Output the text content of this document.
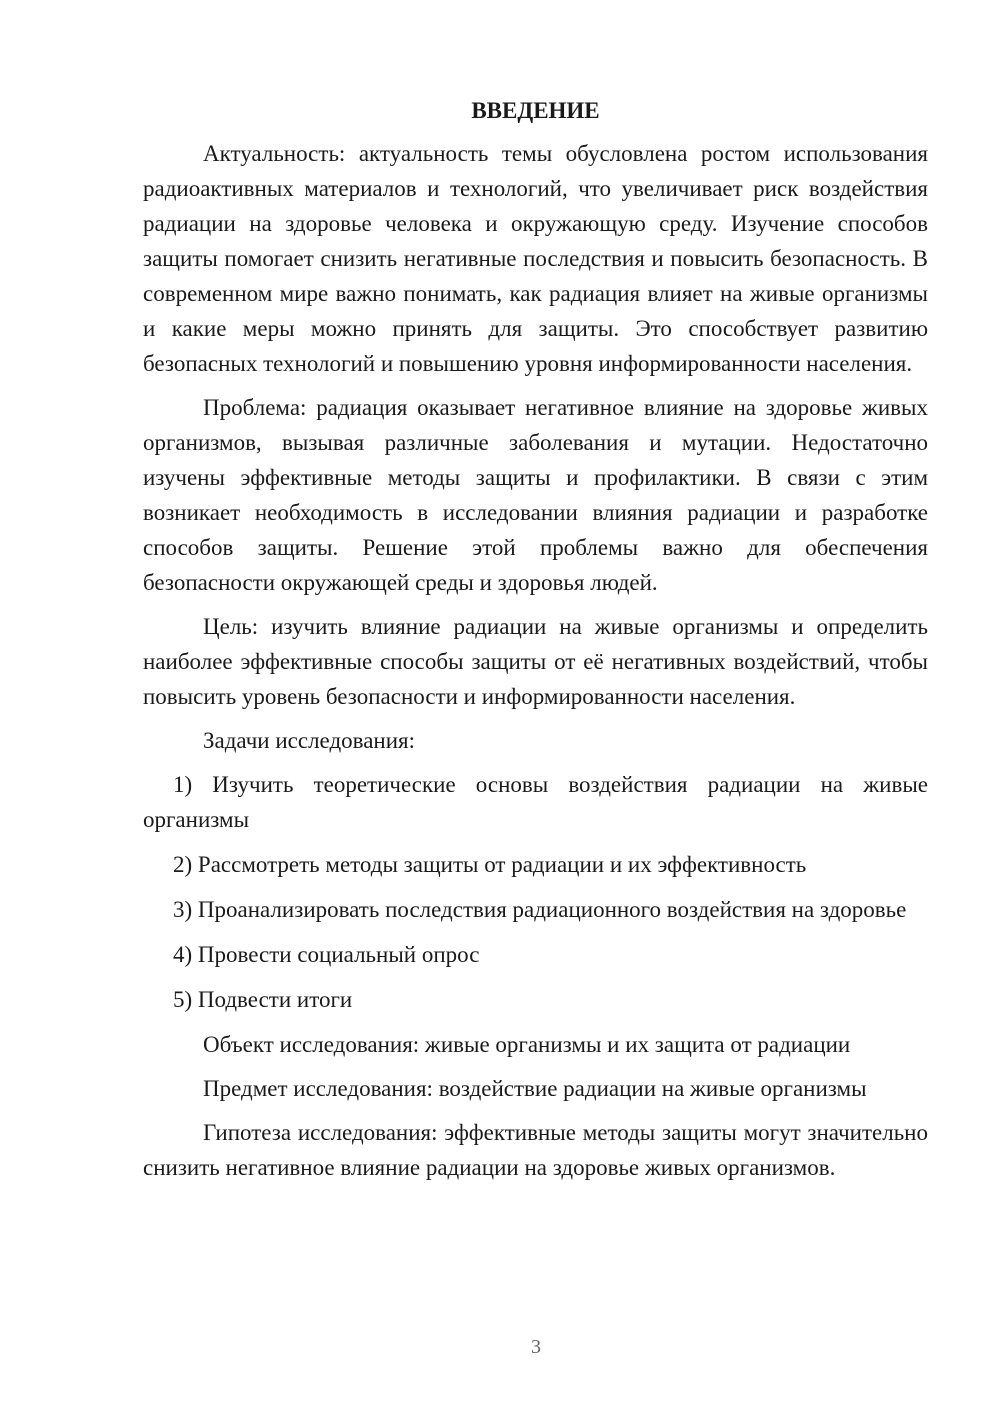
ВВЕДЕНИЕ

Актуальность: актуальность темы обусловлена ростом использования радиоактивных материалов и технологий, что увеличивает риск воздействия радиации на здоровье человека и окружающую среду. Изучение способов защиты помогает снизить негативные последствия и повысить безопасность. В современном мире важно понимать, как радиация влияет на живые организмы и какие меры можно принять для защиты. Это способствует развитию безопасных технологий и повышению уровня информированности населения.

Проблема: радиация оказывает негативное влияние на здоровье живых организмов, вызывая различные заболевания и мутации. Недостаточно изучены эффективные методы защиты и профилактики. В связи с этим возникает необходимость в исследовании влияния радиации и разработке способов защиты. Решение этой проблемы важно для обеспечения безопасности окружающей среды и здоровья людей.

Цель: изучить влияние радиации на живые организмы и определить наиболее эффективные способы защиты от её негативных воздействий, чтобы повысить уровень безопасности и информированности населения.

Задачи исследования:

1) Изучить теоретические основы воздействия радиации на живые организмы

2) Рассмотреть методы защиты от радиации и их эффективность

3) Проанализировать последствия радиационного воздействия на здоровье

4) Провести социальный опрос

5) Подвести итоги

Объект исследования: живые организмы и их защита от радиации

Предмет исследования: воздействие радиации на живые организмы

Гипотеза исследования: эффективные методы защиты могут значительно снизить негативное влияние радиации на здоровье живых организмов.

3
